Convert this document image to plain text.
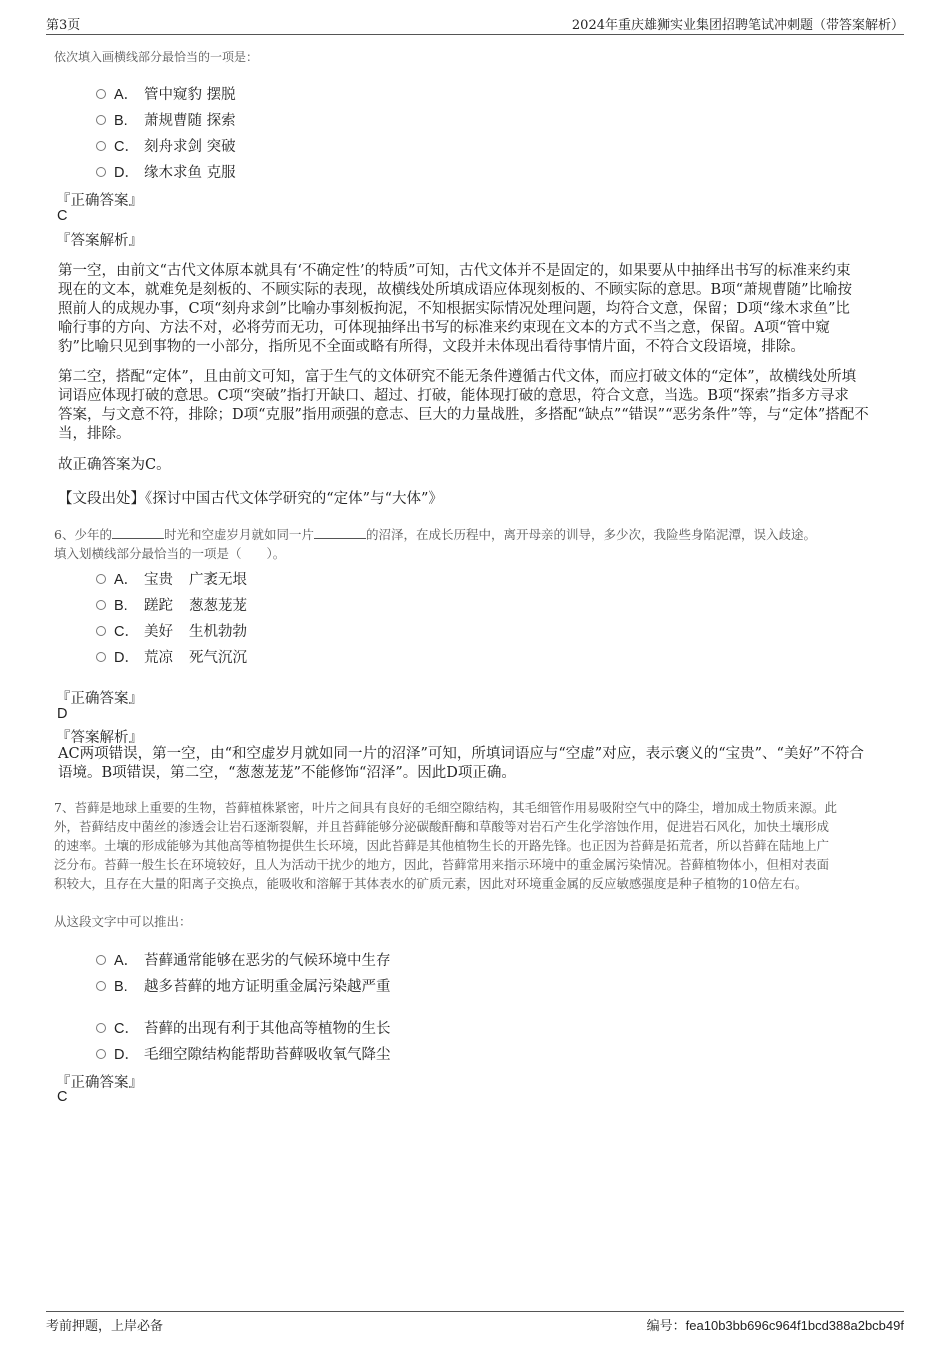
第3页	2024年重庆雄狮实业集团招聘笔试冲刺题（带答案解析）
依次填入画横线部分最恰当的一项是：
A． 管中窥豹 摆脱
B. 萧规曹随 探索
C． 刻舟求剑 突破
D． 缘木求鱼 克服
『正确答案』
C
『答案解析』
第一空，由前文“古代文体原本就具有‘不确定性’的特质”可知，古代文体并不是固定的，如果要从中抽绎出书写的标准来约束
现在的文本，就难免是刻板的、不顾实际的表现，故横线处所填成语应体现刻板的、不顾实际的意思。B项“萧规曹随”比喻按
照前人的成规办事，C项“刻舟求剑”比喻办事刻板拘泥，不知根据实际情况处理问题，均符合文意，保留；D项“缘木求鱼”比
喻行事的方向、方法不对，必将劳而无功，可体现抽绎出书写的标准来约束现在文本的方式不当之意，保留。A项“管中窥
豹”比喻只见到事物的一小部分，指所见不全面或略有所得，文段并未体现出看待事情片面，不符合文段语境，排除。
第二空，搭配“定体”，且由前文可知，富于生气的文体研究不能无条件遵循古代文体，而应打破文体的“定体”，故横线处所填
词语应体现打破的意思。C项“突破”指打开缺口、超过、打破，能体现打破的意思，符合文意，当选。B项“探索”指多方寻求
答案，与文意不符，排除；D项“克服”指用顽强的意志、巨大的力量战胜，多搭配“缺点”“错误”“恶劣条件”等，与“定体”搭配不
当，排除。
故正确答案为C。
【文段出处】《探讨中国古代文体学研究的“定体”与“大体”》
6、少年的	时光和空虚岁月就如同一片	的沼泽，在成长历程中，离开母亲的训导，多少次，我险些身陷泥潭，误入歧途。
填入划横线部分最恰当的一项是（　　）。
A． 宝贵 广袤无垠
B. 蹉跎 葱葱茏茏
C． 美好 生机勃勃
D． 荒凉 死气沉沉
『正确答案』
D
『答案解析』
AC两项错误，第一空，由“和空虚岁月就如同一片的沼泽”可知，所填词语应与“空虚”对应，表示褒义的“宝贵”、“美好”不符合
语境。B项错误，第二空，“葱葱茏茏”不能修饰“沼泽”。因此D项正确。
7、苔藓是地球上重要的生物，苔藓植株紧密，叶片之间具有良好的毛细空隙结构，其毛细管作用易吸附空气中的降尘，增加成土物质来源。此
外，苔藓结皮中菌丝的渗透会让岩石逐渐裂解，并且苔藓能够分泌碳酸酐酶和草酸等对岩石产生化学溶蚀作用，促进岩石风化，加快土壤形成
的速率。土壤的形成能够为其他高等植物提供生长环境，因此苔藓是其他植物生长的开路先锋。也正因为苔藓是拓荒者，所以苔藓在陆地上广
泛分布。苔藓一般生长在环境较好，且人为活动干扰少的地方，因此，苔藓常用来指示环境中的重金属污染情况。苔藓植物体小，但相对表面
积较大，且存在大量的阳离子交换点，能吸收和溶解于其体表水的矿质元素，因此对环境重金属的反应敏感强度是种子植物的10倍左右。
从这段文字中可以推出：
A． 苔藓通常能够在恶劣的气候环境中生存
B. 越多苔藓的地方证明重金属污染越严重
C． 苔藓的出现有利于其他高等植物的生长
D． 毛细空隙结构能帮助苔藓吸收氧气降尘
『正确答案』
C
考前押题，上岸必备	编号：fea10b3bb696c964f1bcd388a2bcb49f
